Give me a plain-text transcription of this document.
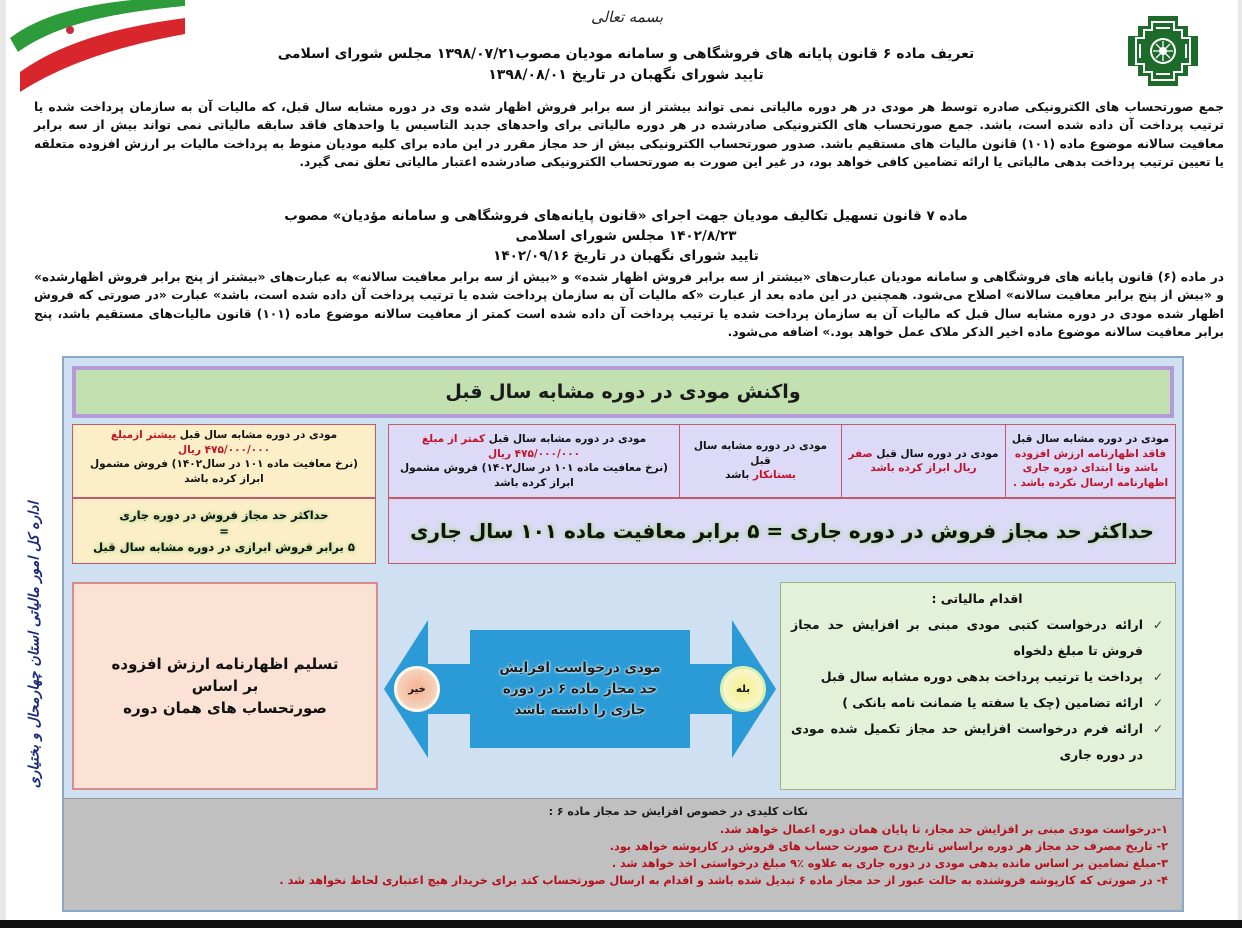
بسمه تعالی
تعریف ماده ۶ قانون پایانه های فروشگاهی و سامانه مودیان مصوب۱۳۹۸/۰۷/۲۱ مجلس شورای اسلامی
تایید شورای نگهبان در تاریخ ۱۳۹۸/۰۸/۰۱

جمع صورتحساب های الکترونیکی صادره توسط هر مودی در هر دوره مالیاتی نمی تواند بیشتر از سه برابر فروش اظهار شده وی در دوره مشابه سال قبل، که مالیات آن به سازمان پرداخت شده یا ترتیب پرداخت آن داده شده است، باشد. جمع صورتحساب های الکترونیکی صادرشده در هر دوره مالیاتی برای واحدهای جدید التاسیس یا واحدهای فاقد سابقه مالیاتی نمی تواند بیش از سه برابر معافیت سالانه موضوع ماده (۱۰۱) قانون مالیات های مستقیم باشد. صدور صورتحساب الکترونیکی بیش از حد مجاز مقرر در این ماده برای کلیه مودیان منوط به پرداخت مالیات بر ارزش افزوده متعلقه یا تعیین ترتیب پرداخت بدهی مالیاتی یا ارائه تضامین کافی خواهد بود، در غیر این صورت به صورتحساب الکترونیکی صادرشده اعتبار مالیاتی تعلق نمی گیرد.

ماده ۷ قانون تسهیل تکالیف مودیان جهت اجرای «قانون پایانه‌های فروشگاهی و سامانه مؤدیان» مصوب ۱۴۰۲/۸/۲۳ مجلس شورای اسلامی
تایید شورای نگهبان در تاریخ ۱۴۰۲/۰۹/۱۶

در ماده (۶) قانون پایانه های فروشگاهی و سامانه مودیان عبارت‌های «بیشتر از سه برابر فروش اظهار شده» و «بیش از سه برابر معافیت سالانه» به عبارت‌های «بیشتر از پنج برابر فروش اظهارشده» و «بیش از پنج برابر معافیت سالانه» اصلاح می‌شود. همچنین در این ماده بعد از عبارت «که مالیات آن به سازمان پرداخت شده یا ترتیب پرداخت آن داده شده است، باشد» عبارت «در صورتی که فروش اظهار شده مودی در دوره مشابه سال قبل که مالیات آن به سازمان پرداخت شده یا ترتیب پرداخت آن داده شده است کمتر از معافیت سالانه موضوع ماده (۱۰۱) قانون مالیات‌های مستقیم باشد، پنج برابر معافیت سالانه موضوع ماده اخیر الذکر ملاک عمل خواهد بود.» اضافه می‌شود.

اداره کل امور مالیاتی استان چهارمحال و بختیاری
واکنش مودی در دوره مشابه سال قبل
مودی در دوره مشابه سال قبل
فاقد اظهارنامه ارزش افزوده باشد وتا ابتدای دوره جاری اظهارنامه ارسال نکرده باشد .
مودی در دوره سال قبل صفر ریال ابراز کرده باشد
مودی در دوره مشابه سال قبل
بستانکار باشد
مودی در دوره مشابه سال قبل کمتر از مبلغ
۴۷۵/۰۰۰/۰۰۰ ریال
(نرخ معافیت ماده ۱۰۱ در سال۱۴۰۲) فروش مشمول ابراز کرده باشد
مودی در دوره مشابه سال قبل بیشتر ازمبلغ
۴۷۵/۰۰۰/۰۰۰ ریال
(نرخ معافیت ماده ۱۰۱ در سال۱۴۰۲) فروش مشمول ابراز کرده باشد
حداکثر حد مجاز فروش در دوره جاری
=
۵ برابر فروش ابرازی در دوره مشابه سال قبل
حداکثر حد مجاز فروش در دوره جاری = ۵ برابر معافیت ماده ۱۰۱ سال جاری
تسلیم اظهارنامه ارزش افزوده
بر اساس
صورتحساب های همان دوره
مودی درخواست افزایش
حد مجاز ماده ۶ در دوره
جاری را داشته باشد
خیر	بله
اقدام مالیاتی :
✓
ارائه درخواست کتبی مودی مبنی بر افزایش حد مجاز فروش تا مبلغ دلخواه
✓
پرداخت یا ترتیب پرداخت بدهی دوره مشابه سال قبل
✓
ارائه تضامین (چک یا سفته یا ضمانت نامه بانکی )
✓
ارائه فرم درخواست افزایش حد مجاز تکمیل شده مودی در دوره جاری
نکات کلیدی در خصوص افزایش حد مجاز ماده ۶ :
۱-درخواست مودی مبنی بر افزایش حد مجاز، تا پایان همان دوره اعمال خواهد شد.
۲- تاریخ مصرف حد مجاز هر دوره براساس تاریخ درج صورت حساب های فروش در کارپوشه خواهد بود.
۳-مبلغ تضامین بر اساس مانده بدهی مودی در دوره جاری به علاوه ٪۹ مبلغ درخواستی اخذ خواهد شد .
۴- در صورتی که کارپوشه فروشنده به حالت عبور از حد مجاز ماده ۶ تبدیل شده باشد و اقدام به ارسال صورتحساب کند برای خریدار هیچ اعتباری لحاظ نخواهد شد .
